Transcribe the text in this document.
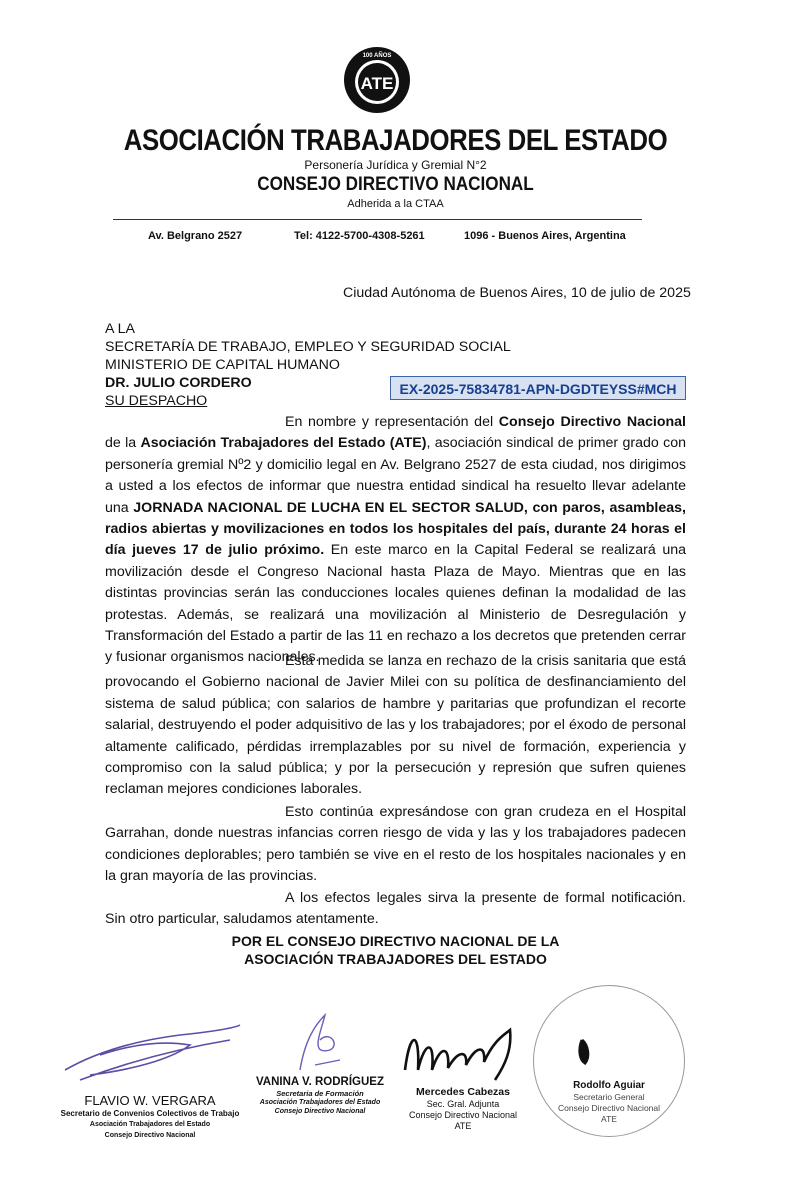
100 AÑOS
ATE
ASOCIACIÓN TRABAJADORES DEL ESTADO
Personería Jurídica y Gremial N°2
CONSEJO DIRECTIVO NACIONAL
Adherida a la CTAA
Av. Belgrano 2527	Tel: 4122-5700-4308-5261	1096 - Buenos Aires, Argentina
Ciudad Autónoma de Buenos Aires, 10 de julio de 2025
A LA
SECRETARÍA DE TRABAJO, EMPLEO Y SEGURIDAD SOCIAL
MINISTERIO DE CAPITAL HUMANO
DR. JULIO CORDERO
SU DESPACHO
EX-2025-75834781-APN-DGDTEYSS#MCH

En nombre y representación del Consejo Directivo Nacional de la Asociación Trabajadores del Estado (ATE), asociación sindical de primer grado con personería gremial Nº2 y domicilio legal en Av. Belgrano 2527 de esta ciudad, nos dirigimos a usted a los efectos de informar que nuestra entidad sindical ha resuelto llevar adelante una JORNADA NACIONAL DE LUCHA EN EL SECTOR SALUD, con paros, asambleas, radios abiertas y movilizaciones en todos los hospitales del país, durante 24 horas el día jueves 17 de julio próximo. En este marco en la Capital Federal se realizará una movilización desde el Congreso Nacional hasta Plaza de Mayo. Mientras que en las distintas provincias serán las conducciones locales quienes definan la modalidad de las protestas. Además, se realizará una movilización al Ministerio de Desregulación y Transformación del Estado a partir de las 11 en rechazo a los decretos que pretenden cerrar y fusionar organismos nacionales.

Esta medida se lanza en rechazo de la crisis sanitaria que está provocando el Gobierno nacional de Javier Milei con su política de desfinanciamiento del sistema de salud pública; con salarios de hambre y paritarias que profundizan el recorte salarial, destruyendo el poder adquisitivo de las y los trabajadores; por el éxodo de personal altamente calificado, pérdidas irremplazables por su nivel de formación, experiencia y compromiso con la salud pública; y por la persecución y represión que sufren quienes reclaman mejores condiciones laborales.

Esto continúa expresándose con gran crudeza en el Hospital Garrahan, donde nuestras infancias corren riesgo de vida y las y los trabajadores padecen condiciones deplorables; pero también se vive en el resto de los hospitales nacionales y en la gran mayoría de las provincias.

A los efectos legales sirva la presente de formal notificación. Sin otro particular, saludamos atentamente.

POR EL CONSEJO DIRECTIVO NACIONAL DE LA
ASOCIACIÓN TRABAJADORES DEL ESTADO
FLAVIO W. VERGARA
Secretario de Convenios Colectivos de Trabajo
Asociación Trabajadores del Estado
Consejo Directivo Nacional
VANINA V. RODRÍGUEZ
Secretaria de Formación
Asociación Trabajadores del Estado
Consejo Directivo Nacional
Mercedes Cabezas
Sec. Gral. Adjunta
Consejo Directivo Nacional
ATE
Rodolfo Aguiar
Secretario General
Consejo Directivo Nacional
ATE
